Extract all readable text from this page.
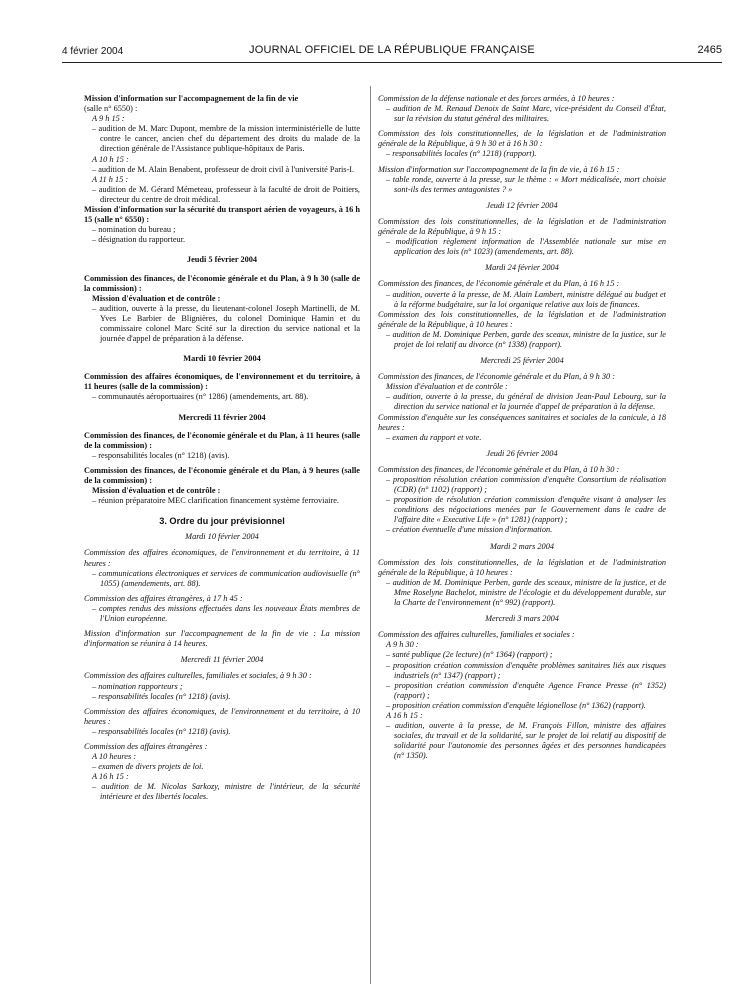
4 février 2004	JOURNAL OFFICIEL DE LA RÉPUBLIQUE FRANÇAISE	2465

Mission d'information sur l'accompagnement de la fin de vie

(salle n° 6550) :

A 9 h 15 :

– audition de M. Marc Dupont, membre de la mission interministérielle de lutte contre le cancer, ancien chef du département des droits du malade de la direction générale de l'Assistance publique-hôpitaux de Paris.

A 10 h 15 :

– audition de M. Alain Benabent, professeur de droit civil à l'université Paris-I.

A 11 h 15 :

– audition de M. Gérard Mémeteau, professeur à la faculté de droit de Poitiers, directeur du centre de droit médical.

Mission d'information sur la sécurité du transport aérien de voyageurs, à 16 h 15 (salle n° 6550) :

– nomination du bureau ;

– désignation du rapporteur.

Jeudi 5 février 2004

Commission des finances, de l'économie générale et du Plan, à 9 h 30 (salle de la commission) :

Mission d'évaluation et de contrôle :

– audition, ouverte à la presse, du lieutenant-colonel Joseph Martinelli, de M. Yves Le Barbier de Blignières, du colonel Dominique Hamin et du commissaire colonel Marc Scité sur la direction du service national et la journée d'appel de préparation à la défense.

Mardi 10 février 2004

Commission des affaires économiques, de l'environnement et du territoire, à 11 heures (salle de la commission) :

– communautés aéroportuaires (n° 1286) (amendements, art. 88).

Mercredi 11 février 2004

Commission des finances, de l'économie générale et du Plan, à 11 heures (salle de la commission) :

– responsabilités locales (n° 1218) (avis).

Commission des finances, de l'économie générale et du Plan, à 9 heures (salle de la commission) :

Mission d'évaluation et de contrôle :

– réunion préparatoire MEC clarification financement système ferroviaire.

3. Ordre du jour prévisionnel

Mardi 10 février 2004

Commission des affaires économiques, de l'environnement et du territoire, à 11 heures :

– communications électroniques et services de communication audiovisuelle (n° 1055) (amendements, art. 88).

Commission des affaires étrangères, à 17 h 45 :

– comptes rendus des missions effectuées dans les nouveaux États membres de l'Union européenne.

Mission d'information sur l'accompagnement de la fin de vie : La mission d'information se réunira à 14 heures.

Mercredi 11 février 2004

Commission des affaires culturelles, familiales et sociales, à 9 h 30 :

– nomination rapporteurs ;

– responsabilités locales (n° 1218) (avis).

Commission des affaires économiques, de l'environnement et du territoire, à 10 heures :

– responsabilités locales (n° 1218) (avis).

Commission des affaires étrangères :

A 10 heures :

– examen de divers projets de loi.

A 16 h 15 :

– audition de M. Nicolas Sarkozy, ministre de l'intérieur, de la sécurité intérieure et des libertés locales.

Commission de la défense nationale et des forces armées, à 10 heures :

– audition de M. Renaud Denoix de Saint Marc, vice-président du Conseil d'État, sur la révision du statut général des militaires.

Commission des lois constitutionnelles, de la législation et de l'administration générale de la République, à 9 h 30 et à 16 h 30 :

– responsabilités locales (n° 1218) (rapport).

Mission d'information sur l'accompagnement de la fin de vie, à 16 h 15 :

– table ronde, ouverte à la presse, sur le thème : « Mort médicalisée, mort choisie sont-ils des termes antagonistes ? »

Jeudi 12 février 2004

Commission des lois constitutionnelles, de la législation et de l'administration générale de la République, à 9 h 15 :

– modification règlement information de l'Assemblée nationale sur mise en application des lois (n° 1023) (amendements, art. 88).

Mardi 24 février 2004

Commission des finances, de l'économie générale et du Plan, à 16 h 15 :

– audition, ouverte à la presse, de M. Alain Lambert, ministre délégué au budget et à la réforme budgétaire, sur la loi organique relative aux lois de finances.

Commission des lois constitutionnelles, de la législation et de l'administration générale de la République, à 10 heures :

– audition de M. Dominique Perben, garde des sceaux, ministre de la justice, sur le projet de loi relatif au divorce (n° 1338) (rapport).

Mercredi 25 février 2004

Commission des finances, de l'économie générale et du Plan, à 9 h 30 :

Mission d'évaluation et de contrôle :

– audition, ouverte à la presse, du général de division Jean-Paul Lebourg, sur la direction du service national et la journée d'appel de préparation à la défense.

Commission d'enquête sur les conséquences sanitaires et sociales de la canicule, à 18 heures :

– examen du rapport et vote.

Jeudi 26 février 2004

Commission des finances, de l'économie générale et du Plan, à 10 h 30 :

– proposition résolution création commission d'enquête Consortium de réalisation (CDR) (n° 1102) (rapport) ;

– proposition de résolution création commission d'enquête visant à analyser les conditions des négociations menées par le Gouvernement dans le cadre de l'affaire dite « Executive Life » (n° 1281) (rapport) ;

– création éventuelle d'une mission d'information.

Mardi 2 mars 2004

Commission des lois constitutionnelles, de la législation et de l'administration générale de la République, à 10 heures :

– audition de M. Dominique Perben, garde des sceaux, ministre de la justice, et de Mme Roselyne Bachelot, ministre de l'écologie et du développement durable, sur la Charte de l'environnement (n° 992) (rapport).

Mercredi 3 mars 2004

Commission des affaires culturelles, familiales et sociales :

A 9 h 30 :

– santé publique (2e lecture) (n° 1364) (rapport) ;

– proposition création commission d'enquête problèmes sanitaires liés aux risques industriels (n° 1347) (rapport) ;

– proposition création commission d'enquête Agence France Presse (n° 1352) (rapport) ;

– proposition création commission d'enquête légionellose (n° 1362) (rapport).

A 16 h 15 :

– audition, ouverte à la presse, de M. François Fillon, ministre des affaires sociales, du travail et de la solidarité, sur le projet de loi relatif au dispositif de solidarité pour l'autonomie des personnes âgées et des personnes handicapées (n° 1350).
